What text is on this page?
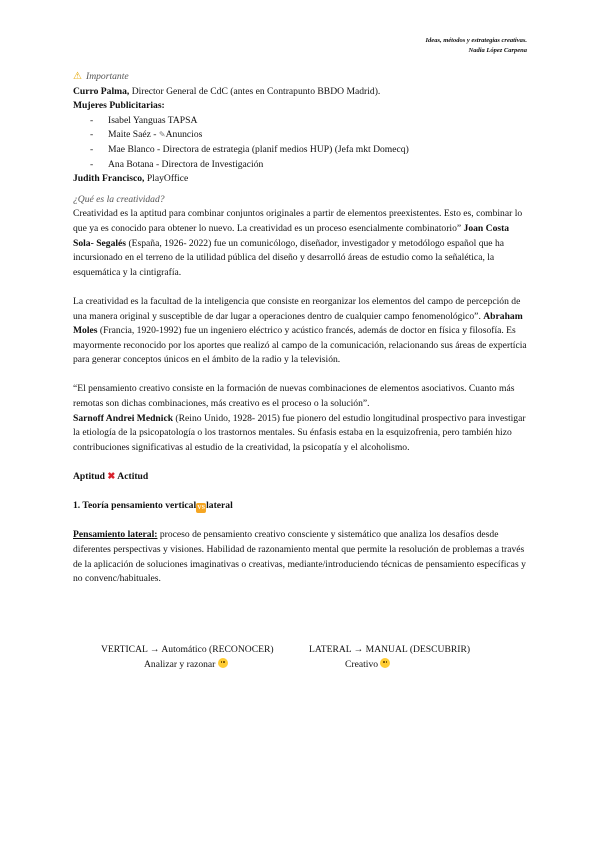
Ideas, métodos y estrategias creativas.
Nadia López Carpena

⚠ Importante

Curro Palma, Director General de CdC (antes en Contrapunto BBDO Madrid).

Mujeres Publicitarias:

- Isabel Yanguas TAPSA
- Maite Saéz - ✎Anuncios
- Mae Blanco - Directora de estrategia (planif medios HUP) (Jefa mkt Domecq)
- Ana Botana - Directora de Investigación

Judith Francisco, PlayOffice

¿Qué es la creatividad?

Creatividad es la aptitud para combinar conjuntos originales a partir de elementos preexistentes. Esto es, combinar lo que ya es conocido para obtener lo nuevo. La creatividad es un proceso esencialmente combinatorio” Joan Costa Sola- Segalés (España, 1926- 2022) fue un comunicólogo, diseñador, investigador y metodólogo español que ha incursionado en el terreno de la utilidad pública del diseño y desarrolló áreas de estudio como la señalética, la esquemática y la cintigrafía.

La creatividad es la facultad de la inteligencia que consiste en reorganizar los elementos del campo de percepción de una manera original y susceptible de dar lugar a operaciones dentro de cualquier campo fenomenológico”. Abraham Moles (Francia, 1920-1992) fue un ingeniero eléctrico y acústico francés, además de doctor en física y filosofía. Es mayormente reconocido por los aportes que realizó al campo de la comunicación, relacionando sus áreas de expertícia para generar conceptos únicos en el ámbito de la radio y la televisión.

“El pensamiento creativo consiste en la formación de nuevas combinaciones de elementos asociativos. Cuanto más remotas son dichas combinaciones, más creativo es el proceso o la solución”.

Sarnoff Andrei Mednick (Reino Unido, 1928- 2015) fue pionero del estudio longitudinal prospectivo para investigar la etiología de la psicopatología o los trastornos mentales. Su énfasis estaba en la esquizofrenia, pero también hizo contribuciones significativas al estudio de la creatividad, la psicopatía y el alcoholismo.

Aptitud ✖ Actitud

1. Teoría pensamiento verticalVSlateral

Pensamiento lateral: proceso de pensamiento creativo consciente y sistemático que analiza los desafíos desde diferentes perspectivas y visiones. Habilidad de razonamiento mental que permite la resolución de problemas a través de la aplicación de soluciones imaginativas o creativas, mediante/introduciendo técnicas de pensamiento específicas y no convenc/habituales.

VERTICAL → Automático (RECONOCER)	LATERAL → MANUAL (DESCUBRIR)
Analizar y razonar	Creativo
